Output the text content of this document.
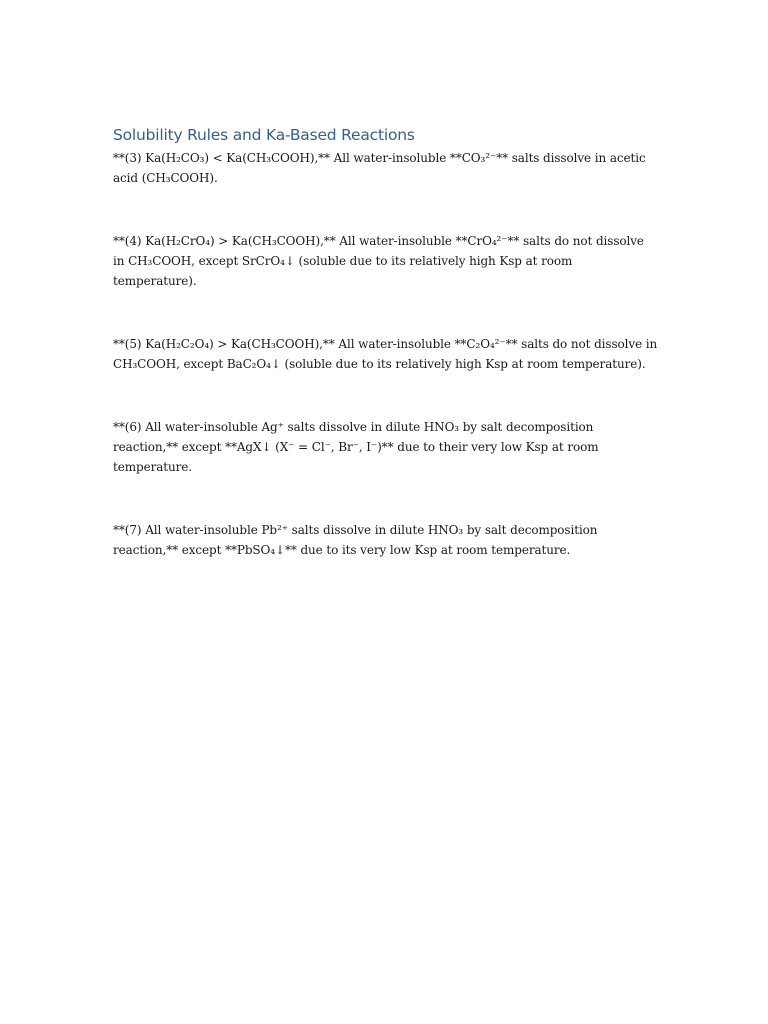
Solubility Rules and Ka-Based Reactions

**(3) Ka(H₂CO₃) < Ka(CH₃COOH),** All water-insoluble **CO₃²⁻** salts dissolve in acetic acid (CH₃COOH).

**(4) Ka(H₂CrO₄) > Ka(CH₃COOH),** All water-insoluble **CrO₄²⁻** salts do not dissolve in CH₃COOH, except SrCrO₄↓ (soluble due to its relatively high Ksp at room temperature).

**(5) Ka(H₂C₂O₄) > Ka(CH₃COOH),** All water-insoluble **C₂O₄²⁻** salts do not dissolve in CH₃COOH, except BaC₂O₄↓ (soluble due to its relatively high Ksp at room temperature).

**(6) All water-insoluble Ag⁺ salts dissolve in dilute HNO₃ by salt decomposition reaction,** except **AgX↓ (X⁻ = Cl⁻, Br⁻, I⁻)** due to their very low Ksp at room temperature.

**(7) All water-insoluble Pb²⁺ salts dissolve in dilute HNO₃ by salt decomposition reaction,** except **PbSO₄↓** due to its very low Ksp at room temperature.
